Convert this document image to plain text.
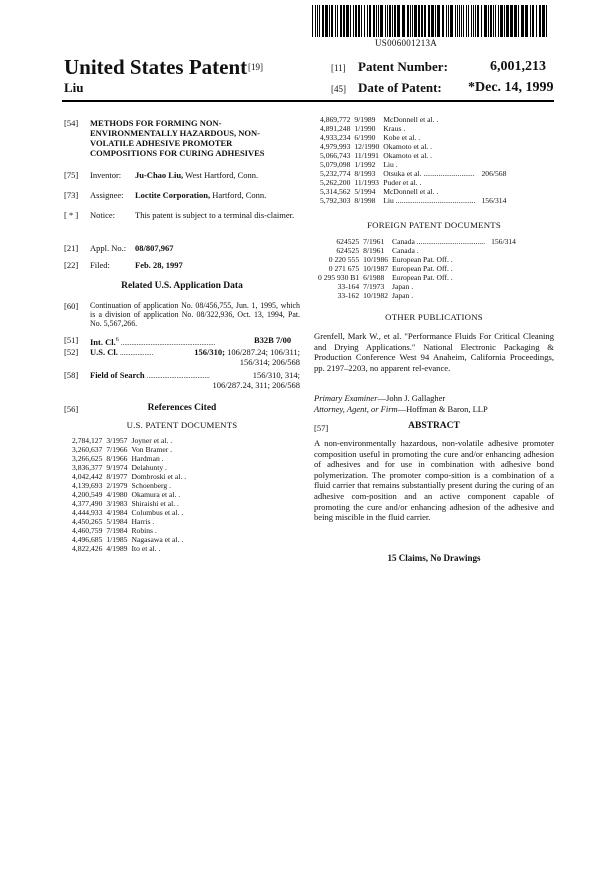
US006001213A
United States Patent [19]
Liu
[11] Patent Number:	6,001,213
[45] Date of Patent: *Dec. 14, 1999
[54] METHODS FOR FORMING NON-ENVIRONMENTALLY HAZARDOUS, NON-VOLATILE ADHESIVE PROMOTER COMPOSITIONS FOR CURING ADHESIVES
[75] Inventor: Ju-Chao Liu, West Hartford, Conn.
[73] Assignee: Loctite Corporation, Hartford, Conn.
[ * ] Notice: This patent is subject to a terminal dis-claimer.
[21] Appl. No.: 08/807,967
[22] Filed:	Feb. 28, 1997
Related U.S. Application Data
[60] Continuation of application No. 08/456,755, Jun. 1, 1995, which is a division of application No. 08/322,936, Oct. 13, 1994, Pat. No. 5,567,266.
[51] Int. Cl.$^6$ ......................................................	B32B 7/00
[52] U.S. Cl. ...................	156/310; 106/287.24; 106/311;
156/314; 206/568
[58] Field of Search ....................................	156/310, 314;
106/287.24, 311; 206/568
[56]	References Cited
U.S. PATENT DOCUMENTS
2,784,127	3/1957	Joyner et al. .	
3,260,637	7/1966	Von Bramer .	
3,266,625	8/1966	Hardman .	
3,836,377	9/1974	Delahunty .	
4,042,442	8/1977	Dombroski et al. .	
4,139,693	2/1979	Schoenberg .	
4,200,549	4/1980	Okamura et al. .	
4,377,490	3/1983	Shiraishi et al. .	
4,444,933	4/1984	Columbus et al. .	
4,450,265	5/1984	Harris .	
4,460,759	7/1984	Robins .	
4,496,685	1/1985	Nagasawa et al. .	
4,822,426	4/1989	Ito et al. .	
4,869,772	9/1989	McDonnell et al. .	
4,891,248	1/1990	Kraus .	
4,933,234	6/1990	Kobe et al. .	
4,979,993	12/1990	Okamoto et al. .	
5,066,743	11/1991	Okamoto et al. .	
5,079,098	1/1992	Liu .	
5,232,774	8/1993	Otsuka et al. ...........................	206/568
5,262,200	11/1993	Puder et al. .	
5,314,562	5/1994	McDonnell et al. .	
5,792,303	8/1998	Liu ..........................................	156/314
FOREIGN PATENT DOCUMENTS
624525	7/1961	Canada ....................................	156/314
624525	8/1961	Canada .	
0 220 555	10/1986	European Pat. Off. .	
0 271 675	10/1987	European Pat. Off. .	
0 295 930 B1	6/1988	European Pat. Off. .	
33-164	7/1973	Japan .	
33-162	10/1982	Japan .	
OTHER PUBLICATIONS
Grenfell, Mark W., et al. "Performance Fluids For Critical Cleaning and Drying Applications." National Electronic Packaging & Production Conference West 94 Anaheim, California Proceedings, pp. 2197–2203, no apparent rel-evance.
Primary Examiner—John J. Gallagher
Attorney, Agent, or Firm—Hoffman & Baron, LLP
[57]	ABSTRACT
A non-environmentally hazardous, non-volatile adhesive promoter composition useful in promoting the cure and/or enhancing adhesion of adhesives and for use in combination with adhesive bond polymerization. The promoter compo-sition is a combination of a fluid carrier that remains substantially present during the curing of an adhesive com-position and an active component capable of promoting the cure and/or enhancing adhesion of the adhesive and being miscible in the fluid carrier.
15 Claims, No Drawings
